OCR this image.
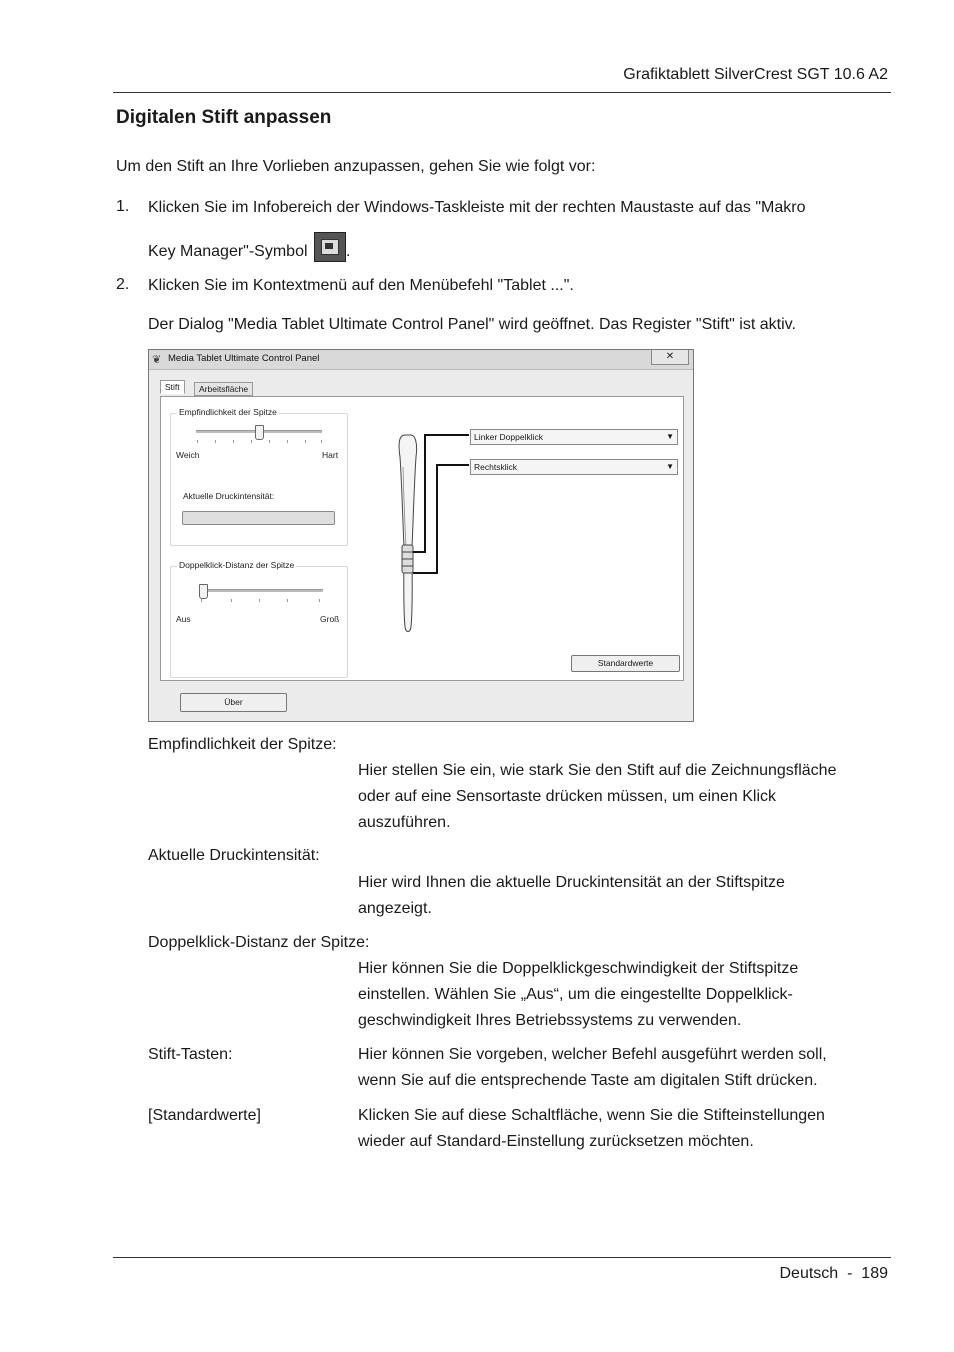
Grafiktablett SilverCrest SGT 10.6 A2
Digitalen Stift anpassen
Um den Stift an Ihre Vorlieben anzupassen, gehen Sie wie folgt vor:
1. Klicken Sie im Infobereich der Windows-Taskleiste mit der rechten Maustaste auf das "Makro
Key Manager"-Symbol .
2. Klicken Sie im Kontextmenü auf den Menübefehl "Tablet ...".
Der Dialog "Media Tablet Ultimate Control Panel" wird geöffnet. Das Register "Stift" ist aktiv.
❦ Media Tablet Ultimate Control Panel	✕
Stift	Arbeitsfläche
Empfindlichkeit der Spitze
Weich	Hart
Aktuelle Druckintensität:
Doppelklick-Distanz der Spitze
Aus	Groß
Linker Doppelklick	▼
Rechtsklick	▼
Standardwerte
Über
Empfindlichkeit der Spitze:
Hier stellen Sie ein, wie stark Sie den Stift auf die Zeichnungsfläche
oder auf eine Sensortaste drücken müssen, um einen Klick
auszuführen.
Aktuelle Druckintensität:
Hier wird Ihnen die aktuelle Druckintensität an der Stiftspitze
angezeigt.
Doppelklick-Distanz der Spitze:
Hier können Sie die Doppelklickgeschwindigkeit der Stiftspitze
einstellen. Wählen Sie „Aus“, um die eingestellte Doppelklick-
geschwindigkeit Ihres Betriebssystems zu verwenden.
Stift-Tasten:	Hier können Sie vorgeben, welcher Befehl ausgeführt werden soll,
wenn Sie auf die entsprechende Taste am digitalen Stift drücken.
[Standardwerte]	Klicken Sie auf diese Schaltfläche, wenn Sie die Stifteinstellungen
wieder auf Standard-Einstellung zurücksetzen möchten.
Deutsch  -  189
